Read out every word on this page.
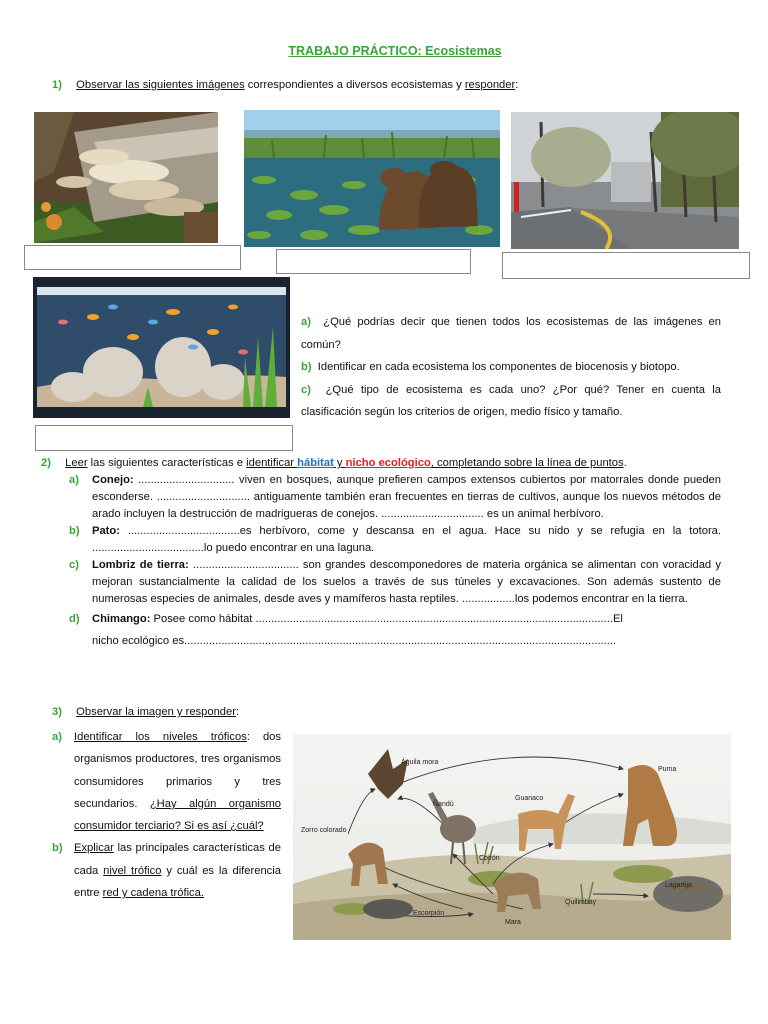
TRABAJO PRÁCTICO: Ecosistemas
1) Observar las siguientes imágenes correspondientes a diversos ecosistemas y responder:
a) ¿Qué podrías decir que tienen todos los ecosistemas de las imágenes en común?
b) Identificar en cada ecosistema los componentes de biocenosis y biotopo.
c) ¿Qué tipo de ecosistema es cada uno? ¿Por qué? Tener en cuenta la clasificación según los criterios de origen, medio físico y tamaño.
2) Leer las siguientes características e identificar hábitat y nicho ecológico, completando sobre la línea de puntos.
a) Conejo: ............................... viven en bosques, aunque prefieren campos extensos cubiertos por matorrales donde pueden esconderse. .............................. antiguamente también eran frecuentes en tierras de cultivos, aunque los nuevos métodos de arado incluyen la destrucción de madrigueras de conejos. ................................. es un animal herbívoro.
b) Pato: ....................................es herbívoro, come y descansa en el agua. Hace su nido y se refugia en la totora. ....................................lo puedo encontrar en una laguna.
c) Lombriz de tierra: .................................. son grandes descomponedores de materia orgánica se alimentan con voracidad y mejoran sustancialmente la calidad de los suelos a través de sus túneles y excavaciones. Son además sustento de numerosas especies de animales, desde aves y mamíferos hasta reptiles. .................los podemos encontrar en la tierra.
d) Chimango: Posee como hábitat ...................................................................................................................El
nicho ecológico es...........................................................................................................................................
3) Observar la imagen y responder:
a) Identificar los niveles tróficos: dos organismos productores, tres organismos consumidores primarios y tres secundarios. ¿Hay algún organismo consumidor terciario? Si es así ¿cuál?
b) Explicar las principales características de cada nivel trófico y cuál es la diferencia entre red y cadena trófica.
Águila mora
Puma
Ñandú
Guanaco
Zorro colorado
Coirón
Lagartija
Quilimbay
Escorpión
Mara
